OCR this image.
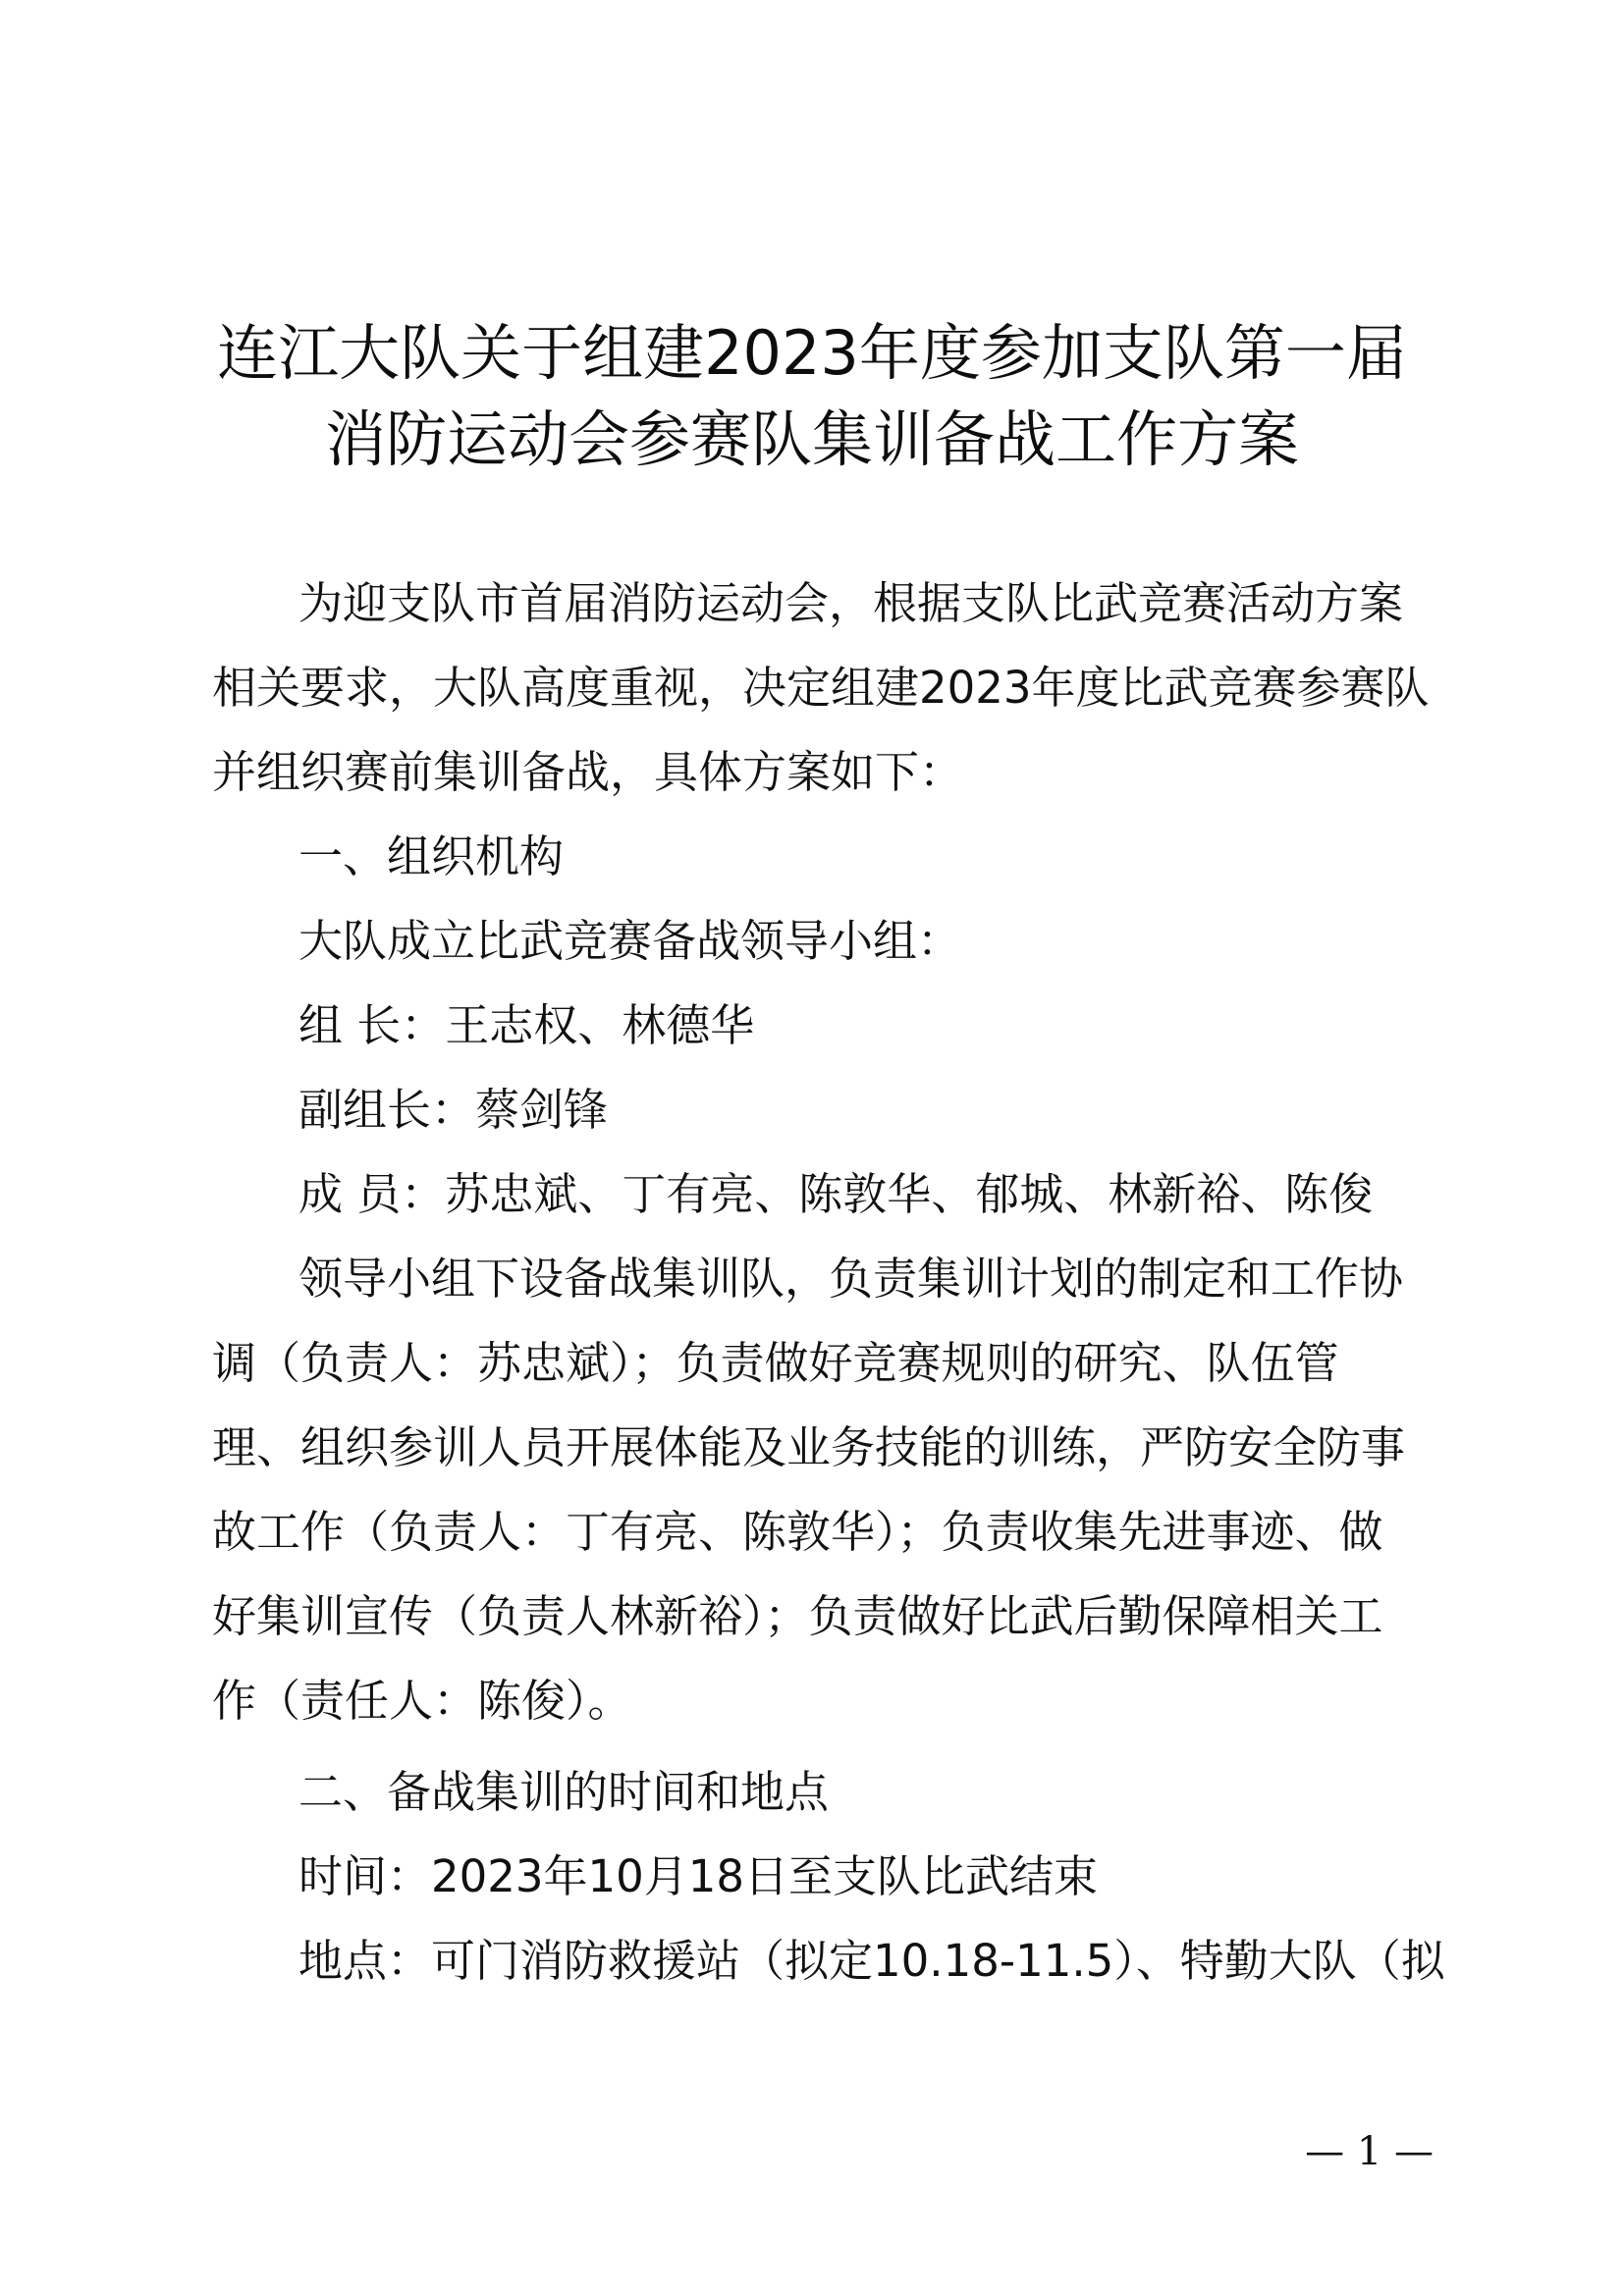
连江大队关于组建2023年度参加支队第一届
消防运动会参赛队集训备战工作方案
为迎支队市首届消防运动会，根据支队比武竞赛活动方案
相关要求，大队高度重视，决定组建2023年度比武竞赛参赛队
并组织赛前集训备战，具体方案如下：
一、组织机构
大队成立比武竞赛备战领导小组：
组 长：王志权、林德华
副组长：蔡剑锋
成 员：苏忠斌、丁有亮、陈敦华、郁城、林新裕、陈俊
领导小组下设备战集训队，负责集训计划的制定和工作协
调（负责人：苏忠斌）；负责做好竞赛规则的研究、队伍管
理、组织参训人员开展体能及业务技能的训练，严防安全防事
故工作（负责人：丁有亮、陈敦华）；负责收集先进事迹、做
好集训宣传（负责人林新裕）；负责做好比武后勤保障相关工
作（责任人：陈俊）。
二、备战集训的时间和地点
时间：2023年10月18日至支队比武结束
地点：可门消防救援站（拟定10.18-11.5）、特勤大队（拟
— 1 —
